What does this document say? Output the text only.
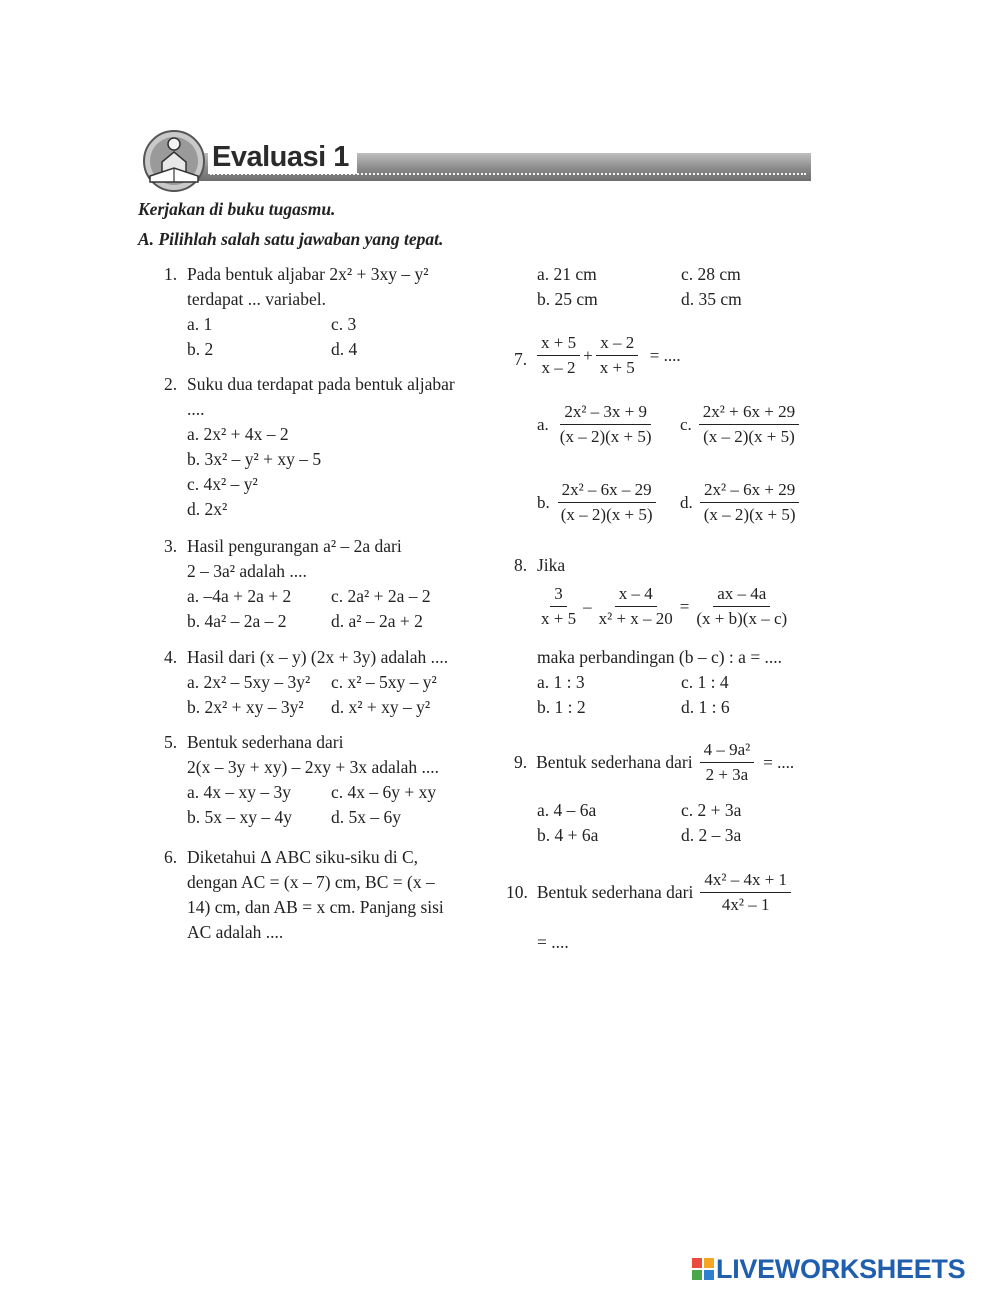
Evaluasi 1
Kerjakan di buku tugasmu.
A. Pilihlah salah satu jawaban yang tepat.
1. Pada bentuk aljabar 2x² + 3xy – y²
terdapat ... variabel.
a. 1
b. 2
c. 3
d. 4
2. Suku dua terdapat pada bentuk aljabar
....
a. 2x² + 4x – 2
b. 3x² – y² + xy – 5
c. 4x² – y²
d. 2x²
3. Hasil pengurangan a² – 2a dari
2 – 3a² adalah ....
a. –4a + 2a + 2
b. 4a² – 2a – 2
c. 2a² + 2a – 2
d. a² – 2a + 2
4. Hasil dari (x – y) (2x + 3y) adalah ....
a. 2x² – 5xy – 3y²
b. 2x² + xy – 3y²
c. x² – 5xy – y²
d. x² + xy – y²
5. Bentuk sederhana dari
2(x – 3y + xy) – 2xy + 3x adalah ....
a. 4x – xy – 3y
b. 5x – xy – 4y
c. 4x – 6y + xy
d. 5x – 6y
6. Diketahui Δ ABC siku-siku di C,
dengan AC = (x – 7) cm, BC = (x –
14) cm, dan AB = x cm. Panjang sisi
AC adalah ....
a. 21 cm
b. 25 cm
c. 28 cm
d. 35 cm
7. $\frac{x + 5}{x - 2} + \frac{x - 2}{x + 5}$ = ....
a. $\frac{\text{2x² – 3x + 9}}{(x - 2)(x + 5)} c$. $\frac{\text{2x² + 6x + 29}}{(x - 2)(x + 5)}$
b. $\frac{\text{2x² – 6x – 29}}{(x - 2)(x + 5)} d$. $\frac{\text{2x² – 6x + 29}}{(x - 2)(x + 5)}$
8. Jika
$\frac{3}{x + 5} - \frac{x - 4}{\text{x² + x – 20}} = \frac{ax - 4a}{(x + b)(x - c)}$
maka perbandingan (b – c) : a = ....
a. 1 : 3
b. 1 : 2
c. 1 : 4
d. 1 : 6
9. Bentuk sederhana dari $\frac{\text{4 – 9a²}}{2 + 3a}$ = ....
a. 4 – 6a
b. 4 + 6a
c. 2 + 3a
d. 2 – 3a
10. Bentuk sederhana dari $\frac{\text{4x² – 4x + 1}}{\text{4x² – 1}}$
= ....
LIVEWORKSHEETS
